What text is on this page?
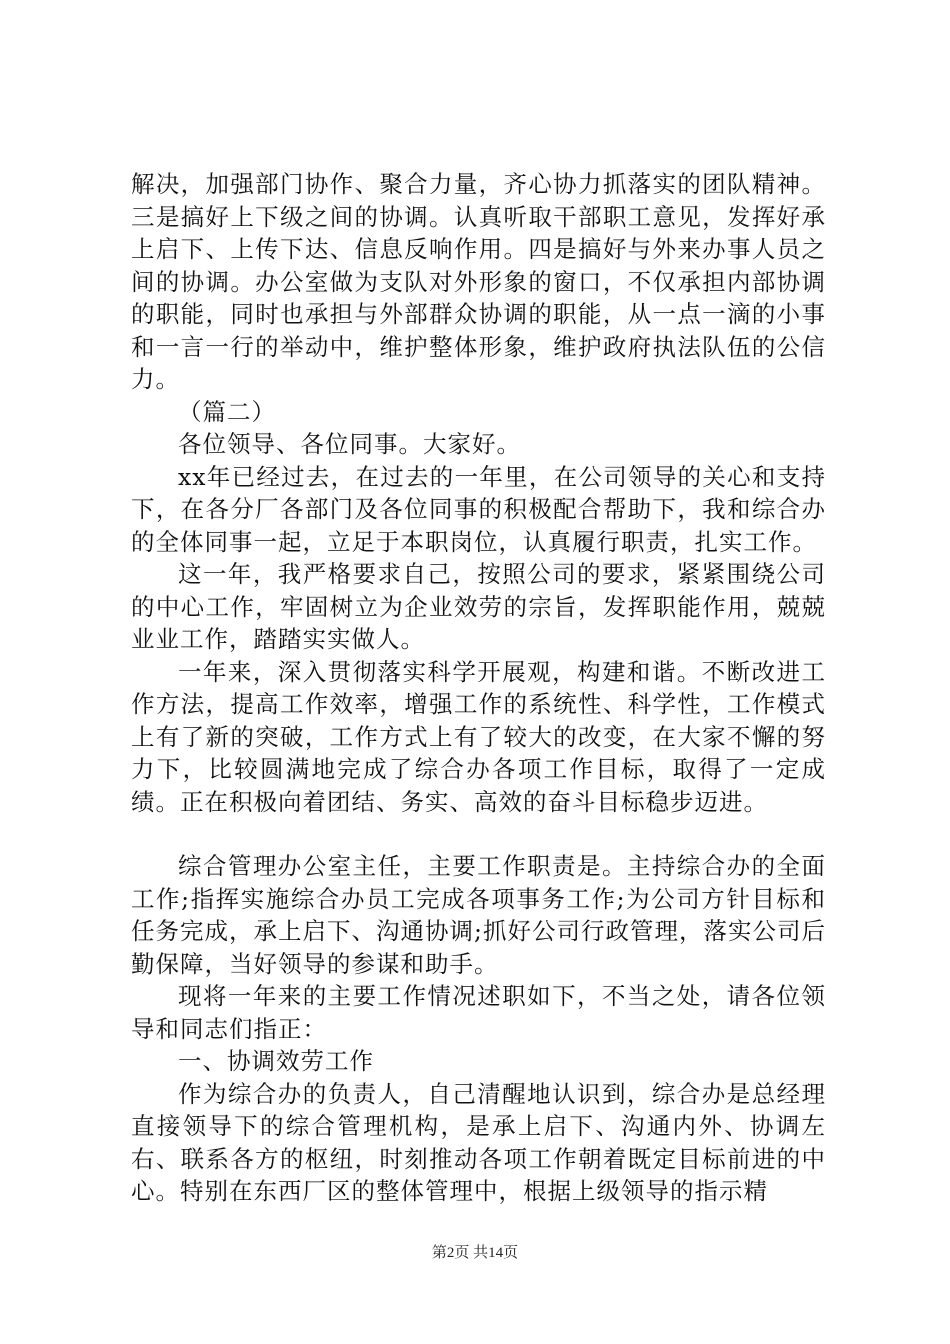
解决，加强部门协作、聚合力量，齐心协力抓落实的团队精神。三是搞好上下级之间的协调。认真听取干部职工意见，发挥好承上启下、上传下达、信息反响作用。四是搞好与外来办事人员之间的协调。办公室做为支队对外形象的窗口，不仅承担内部协调的职能，同时也承担与外部群众协调的职能，从一点一滴的小事和一言一行的举动中，维护整体形象，维护政府执法队伍的公信力。

（篇二）

各位领导、各位同事。大家好。

xx年已经过去，在过去的一年里，在公司领导的关心和支持下，在各分厂各部门及各位同事的积极配合帮助下，我和综合办的全体同事一起，立足于本职岗位，认真履行职责，扎实工作。

这一年，我严格要求自己，按照公司的要求，紧紧围绕公司的中心工作，牢固树立为企业效劳的宗旨，发挥职能作用，兢兢业业工作，踏踏实实做人。

一年来，深入贯彻落实科学开展观，构建和谐。不断改进工作方法，提高工作效率，增强工作的系统性、科学性，工作模式上有了新的突破，工作方式上有了较大的改变，在大家不懈的努力下，比较圆满地完成了综合办各项工作目标，取得了一定成绩。正在积极向着团结、务实、高效的奋斗目标稳步迈进。

综合管理办公室主任，主要工作职责是。主持综合办的全面工作;指挥实施综合办员工完成各项事务工作;为公司方针目标和任务完成，承上启下、沟通协调;抓好公司行政管理，落实公司后勤保障，当好领导的参谋和助手。

现将一年来的主要工作情况述职如下，不当之处，请各位领导和同志们指正：

一、协调效劳工作

作为综合办的负责人，自己清醒地认识到，综合办是总经理直接领导下的综合管理机构，是承上启下、沟通内外、协调左右、联系各方的枢纽，时刻推动各项工作朝着既定目标前进的中心。特别在东西厂区的整体管理中，根据上级领导的指示精

第2页 共14页
